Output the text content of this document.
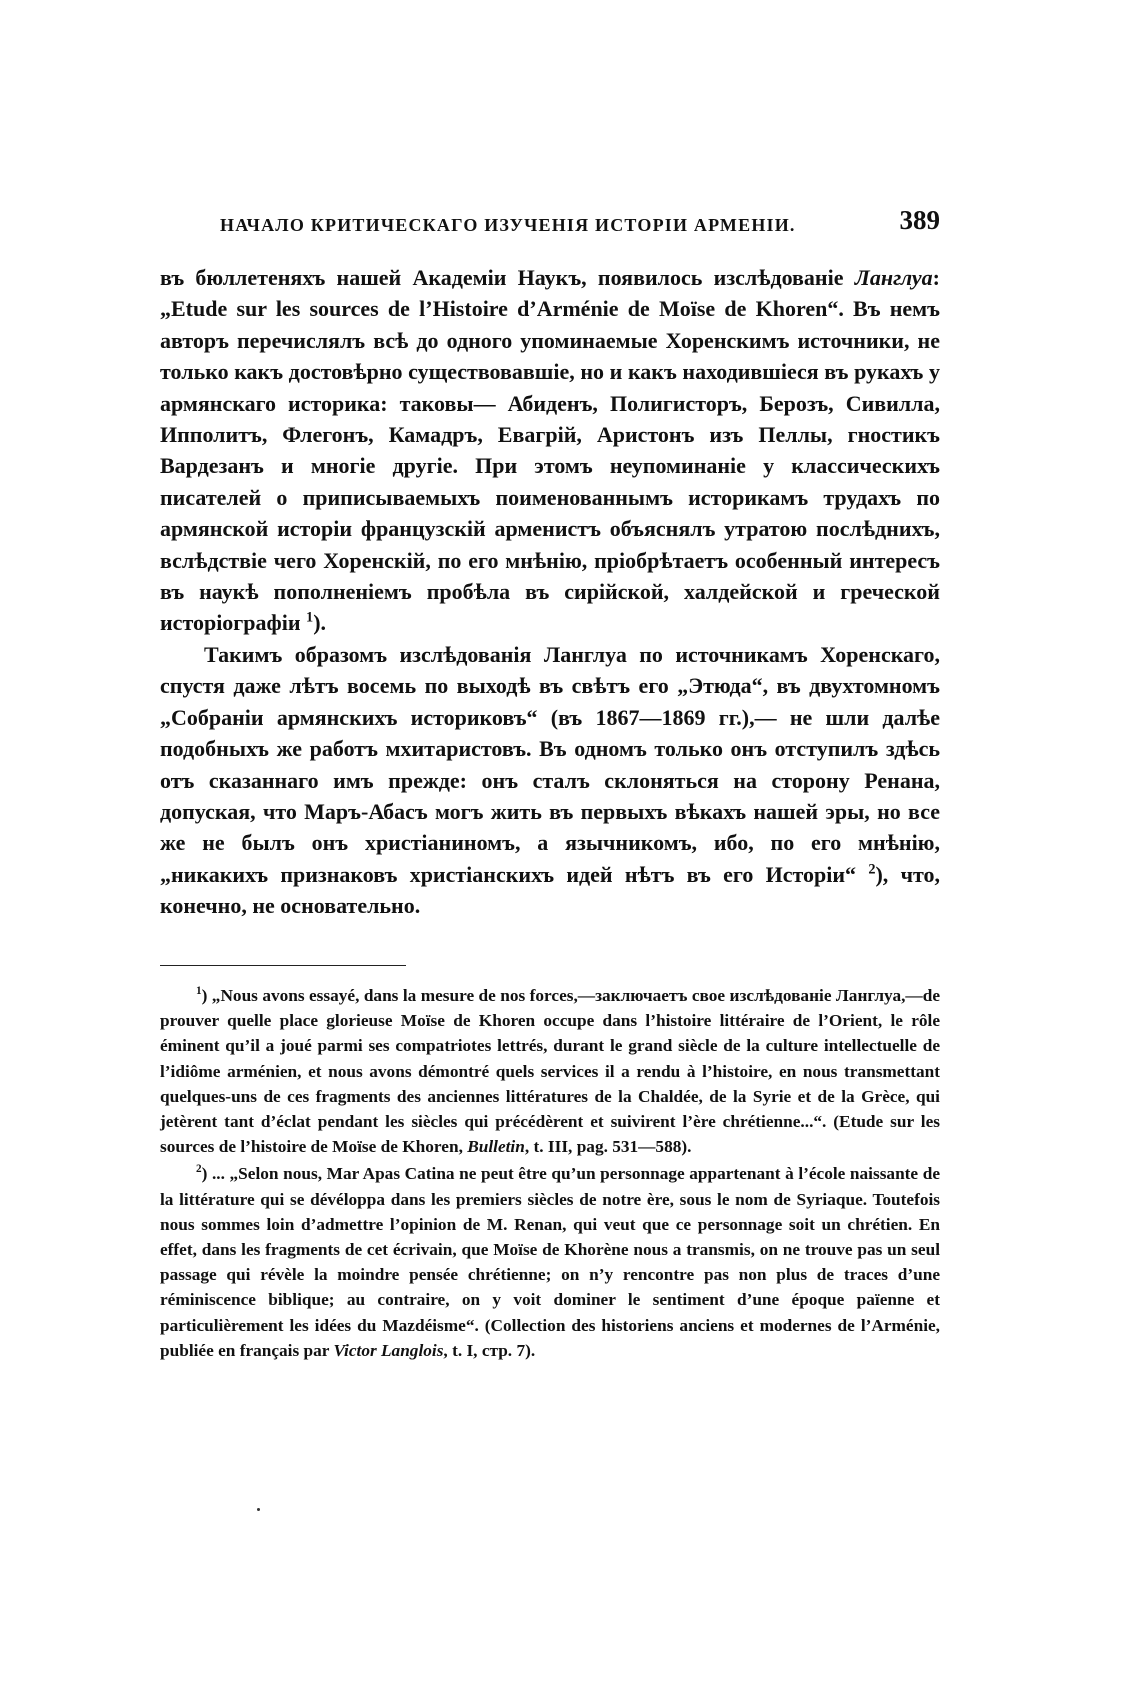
НАЧАЛО КРИТИЧЕСКАГО ИЗУЧЕНIЯ ИСТОРIИ АРМЕНIИ.	389

въ бюллетеняхъ нашей Академiи Наукъ, появилось изслѣдованiе Ланглуа: „Etude sur les sources de l’Histoire d’Arménie de Moïse de Khoren“. Въ немъ авторъ перечислялъ всѣ до одного упоминаемые Хоренскимъ источники, не только какъ достовѣрно существовавшiе, но и какъ находившiеся въ рукахъ у армянскаго историка: таковы— Абиденъ, Полигисторъ, Берозъ, Сивилла, Ипполитъ, Флегонъ, Камадръ, Евагрiй, Аристонъ изъ Пеллы, гностикъ Вардезанъ и многiе другiе. При этомъ неупоминанiе у классическихъ писателей о приписываемыхъ поименованнымъ историкамъ трудахъ по армянской исторiи французскiй арменистъ объяснялъ утратою послѣднихъ, вслѣдствiе чего Хоренскiй, по его мнѣнiю, прiобрѣтаетъ особенный интересъ въ наукѣ пополненiемъ пробѣла въ сирiйской, халдейской и греческой исторiографiи $^1$).

Такимъ образомъ изслѣдованiя Ланглуа по источникамъ Хоренскаго, спустя даже лѣтъ восемь по выходѣ въ свѣтъ его „Этюда“, въ двухтомномъ „Собранiи армянскихъ историковъ“ (въ 1867—1869 гг.),— не шли далѣе подобныхъ же работъ мхитаристовъ. Въ одномъ только онъ отступилъ здѣсь отъ сказаннаго имъ прежде: онъ сталъ склоняться на сторону Ренана, допуская, что Маръ-Абасъ могъ жить въ первыхъ вѣкахъ нашей эры, но все же не былъ онъ христiаниномъ, а язычникомъ, ибо, по его мнѣнiю, „никакихъ признаковъ христiанскихъ идей нѣтъ въ его Исторiи“ $^2$), что, конечно, не основательно.

$^1$) „Nous avons essayé, dans la mesure de nos forces,—заключаетъ свое изслѣдованiе Ланглуа,—de prouver quelle place glorieuse Moïse de Khoren occupe dans l’histoire littéraire de l’Orient, le rôle éminent qu’il a joué parmi ses compatriotes lettrés, durant le grand siècle de la culture intellectuelle de l’idiôme arménien, et nous avons démontré quels services il a rendu à l’histoire, en nous transmettant quelques-uns de ces fragments des anciennes littératures de la Chaldée, de la Syrie et de la Grèce, qui jetèrent tant d’éclat pendant les siècles qui précédèrent et suivirent l’ère chrétienne...“. (Etude sur les sources de l’histoire de Moïse de Khoren, Bulletin, t. III, pag. 531—588).

$^2$) ... „Selon nous, Mar Apas Catina ne peut être qu’un personnage appartenant à l’école naissante de la littérature qui se dévéloppa dans les premiers siècles de notre ère, sous le nom de Syriaque. Toutefois nous sommes loin d’admettre l’opinion de M. Renan, qui veut que ce personnage soit un chrétien. En effet, dans les fragments de cet écrivain, que Moïse de Khorène nous a transmis, on ne trouve pas un seul passage qui révèle la moindre pensée chrétienne; on n’y rencontre pas non plus de traces d’une réminiscence biblique; au contraire, on y voit dominer le sentiment d’une époque païenne et particulièrement les idées du Mazdéisme“. (Collection des historiens anciens et modernes de l’Arménie, publiée en français par Victor Langlois, t. I, стр. 7).
